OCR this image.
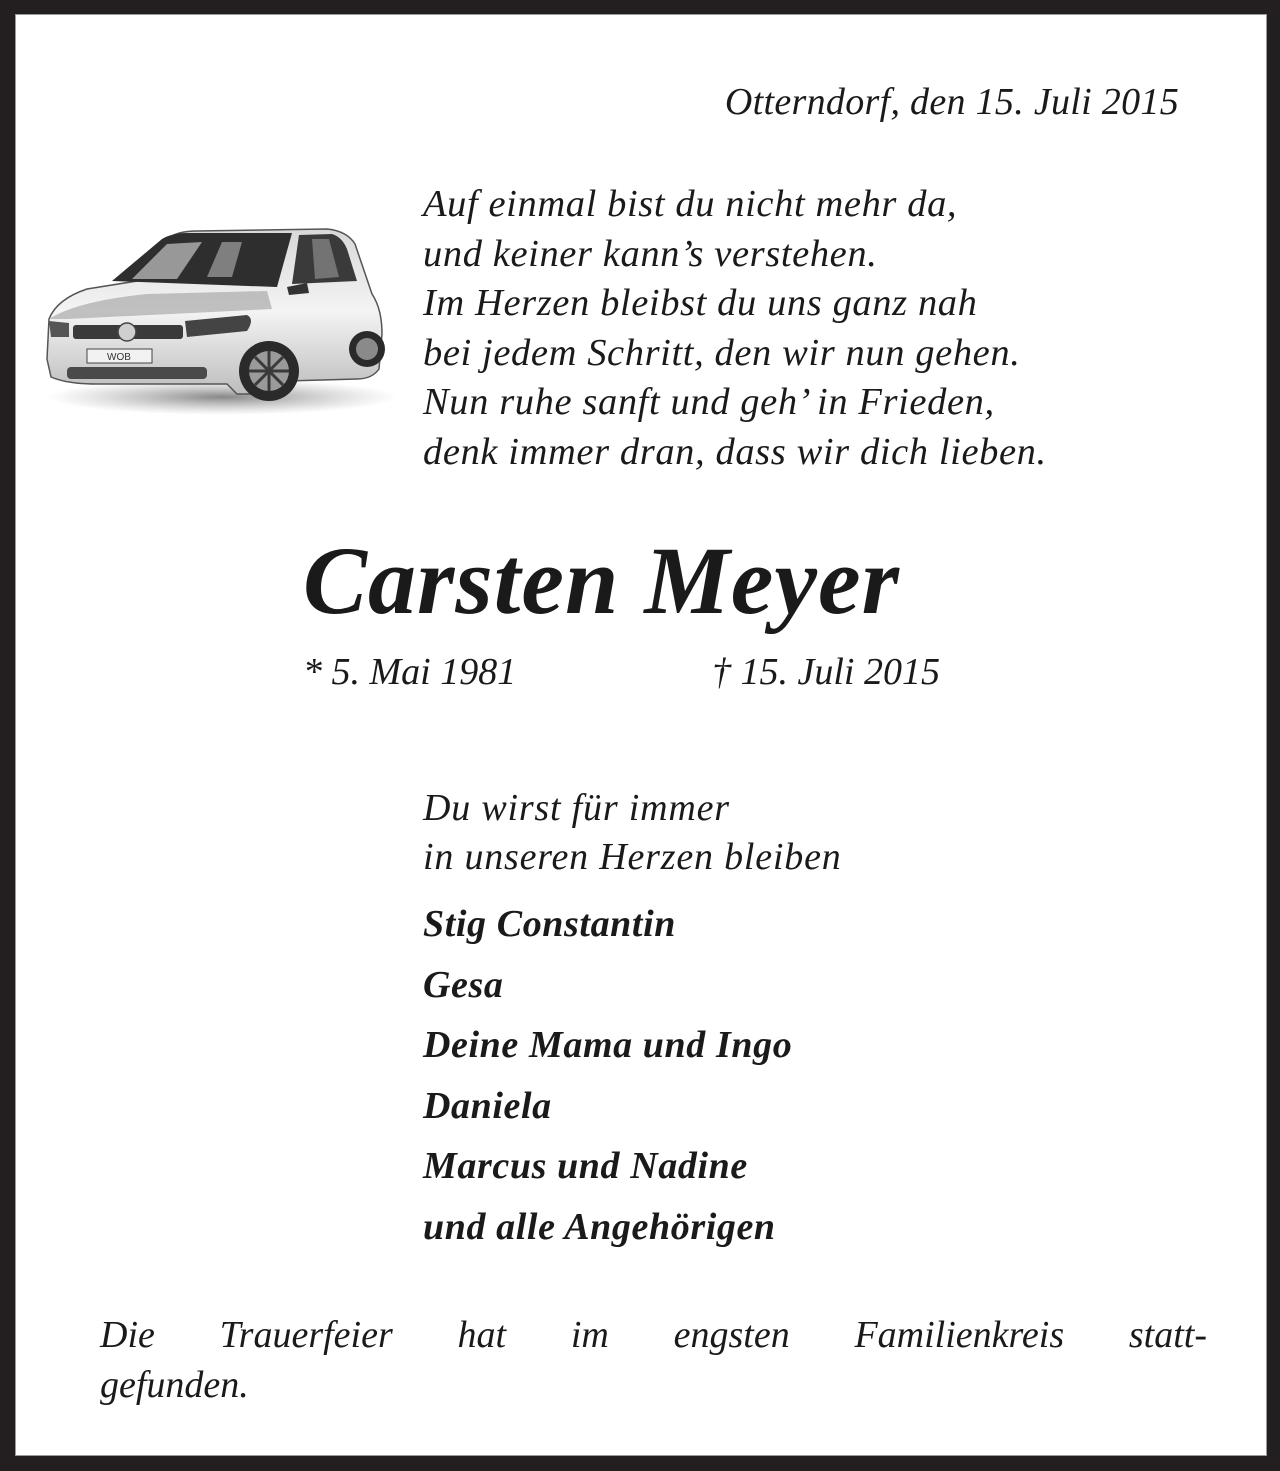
Otterndorf, den 15. Juli 2015
WOB
Auf einmal bist du nicht mehr da,
und keiner kann’s verstehen.
Im Herzen bleibst du uns ganz nah
bei jedem Schritt, den wir nun gehen.
Nun ruhe sanft und geh’ in Frieden,
denk immer dran, dass wir dich lieben.
Carsten Meyer
* 5. Mai 1981	† 15. Juli 2015
Du wirst für immer
in unseren Herzen bleiben
Stig Constantin
Gesa
Deine Mama und Ingo
Daniela
Marcus und Nadine
und alle Angehörigen
Die Trauerfeier hat im engsten Familienkreis statt-
gefunden.
